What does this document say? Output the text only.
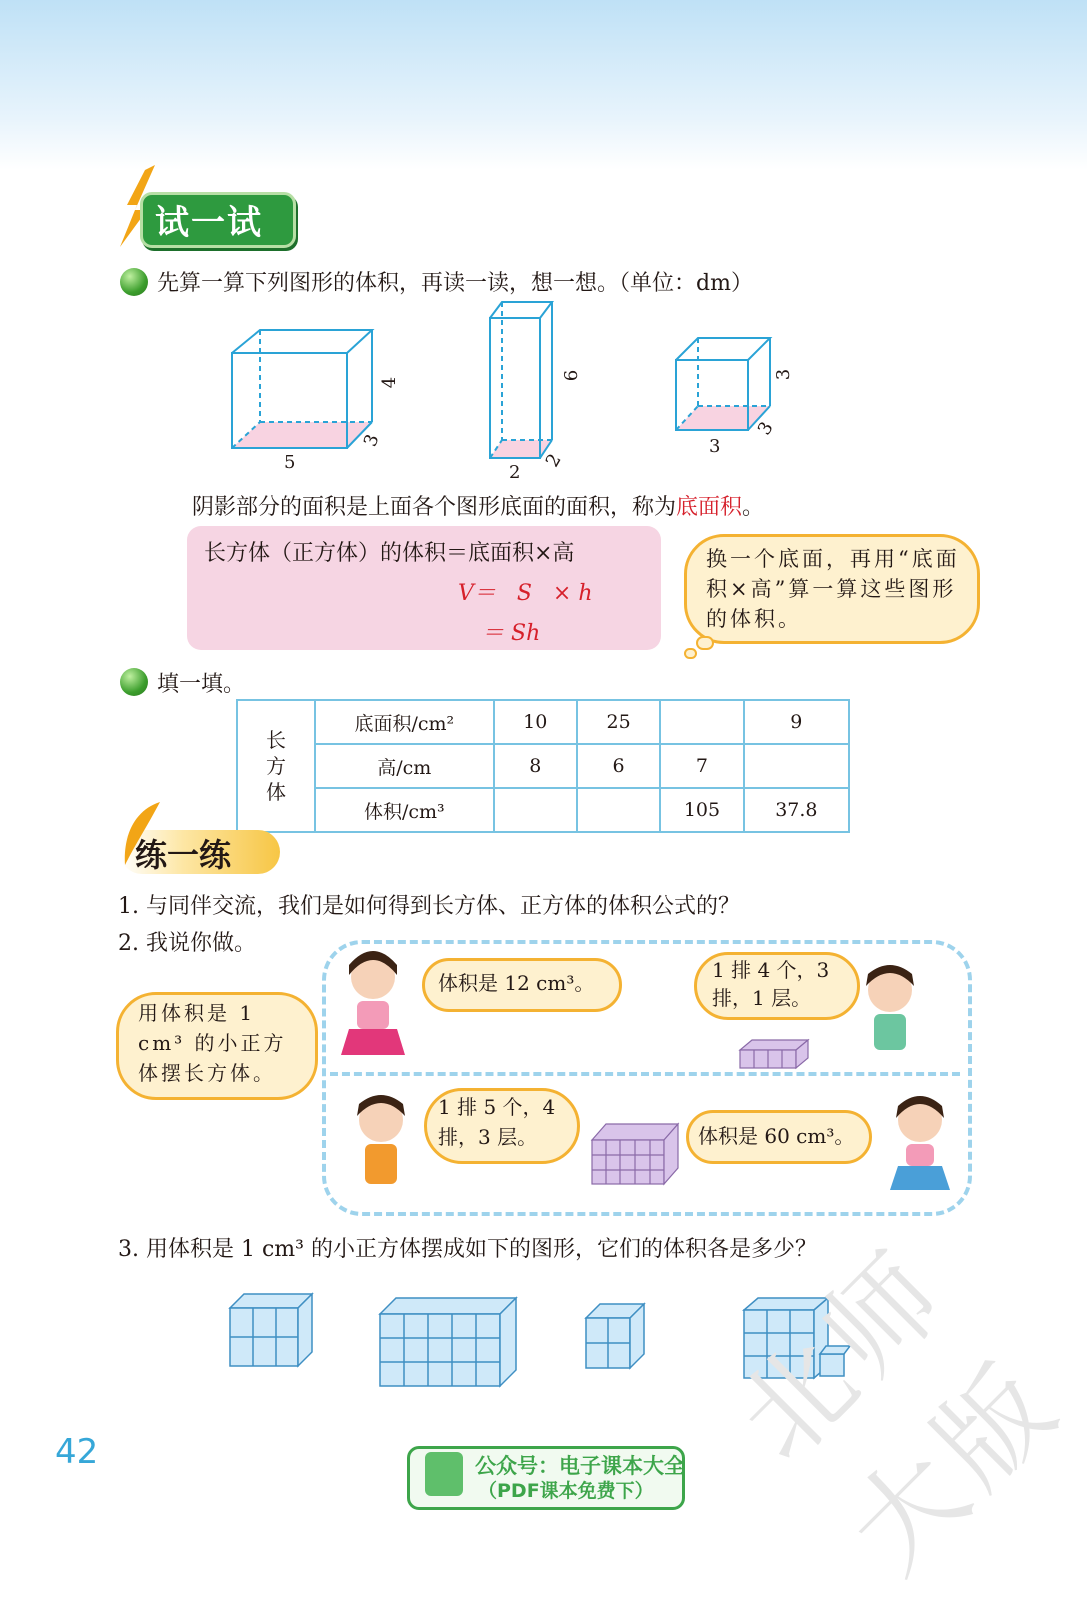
试一试
先算一算下列图形的体积，再读一读，想一想。（单位：dm）
5
3
4
2
2
6
3
3
3
阴影部分的面积是上面各个图形底面的面积，称为底面积。
长方体（正方体）的体积＝底面积×高
V＝   S   × h
＝ Sh
换一个底面，再用“底面积×高”算一算这些图形的体积。
填一填。
长方体	底面积/cm²	10	25		9
	高/cm	8	6	7	
	体积/cm³			105	37.8
练一练
1. 与同伴交流，我们是如何得到长方体、正方体的体积公式的？
2. 我说你做。
用体积是 1 cm³ 的小正方体摆长方体。
体积是 12 cm³。
1 排 4 个，3 排，1 层。
1 排 5 个，4 排，3 层。	体积是 60 cm³。
3. 用体积是 1 cm³ 的小正方体摆成如下的图形，它们的体积各是多少？
42	公众号：电子课本大全
（PDF课本免费下）
北师大版
